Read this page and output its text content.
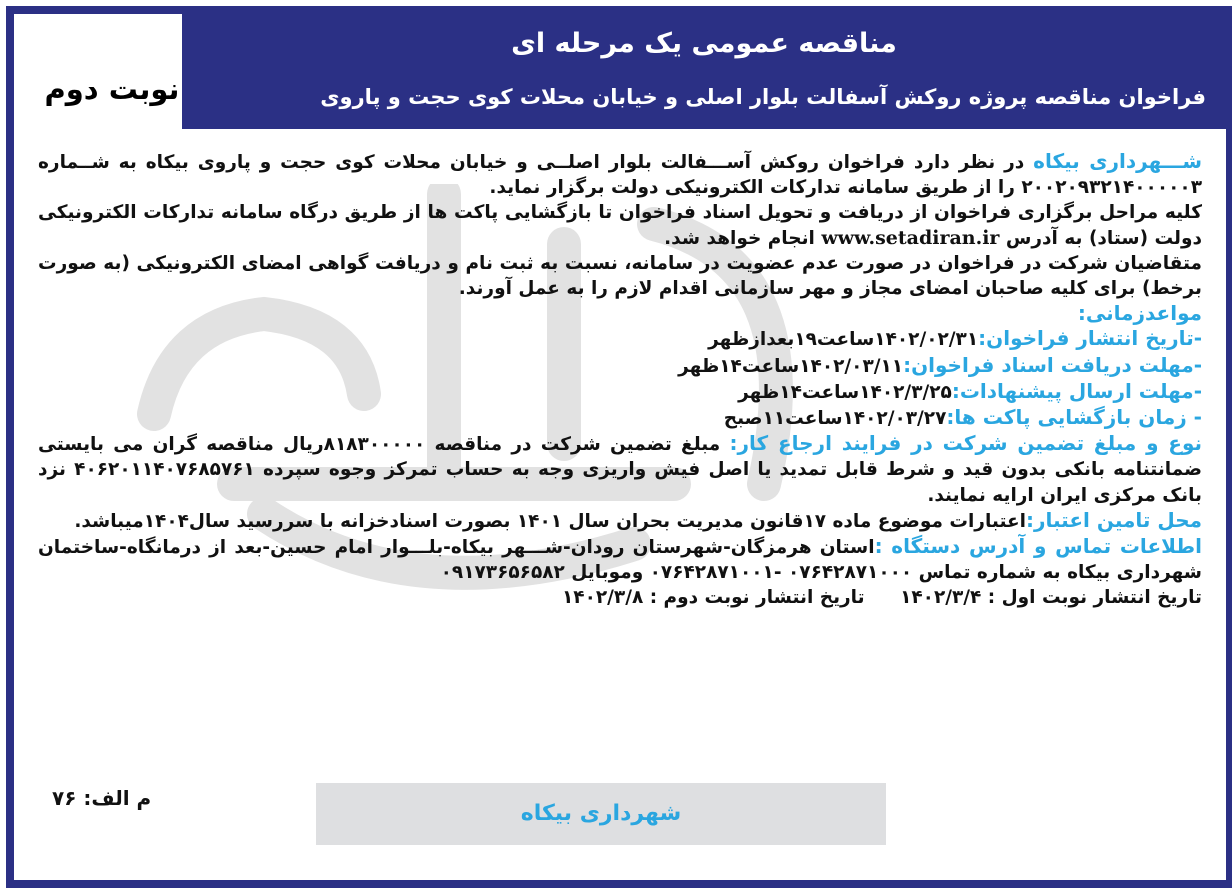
مناقصه عمومی یک مرحله ای
فراخوان مناقصه پروژه روکش آسفالت بلوار اصلی و خیابان محلات کوی حجت و پاروی
نوبت دوم

شـــهرداری بیکاه در نظر دارد فراخوان روکش آســـفالت بلوار اصلــی و خیابان محلات کوی حجت و پاروی بیکاه به شــماره ۲۰۰۲۰۹۳۲۱۴۰۰۰۰۰۳ را از طریق سامانه تدارکات الکترونیکی دولت برگزار نماید.

کلیه مراحل برگزاری فراخوان از دریافت و تحویل اسناد فراخوان تا بازگشایی پاکت ها از طریق درگاه سامانه تدارکات الکترونیکی دولت (ستاد) به آدرس www.setadiran.ir انجام خواهد شد.

متقاضیان شرکت در فراخوان در صورت عدم عضویت در سامانه، نسبت به ثبت نام و دریافت گواهی امضای الکترونیکی (به صورت برخط) برای کلیه صاحبان امضای مجاز و مهر سازمانی اقدام لازم را به عمل آورند.

مواعدزمانی:

-تاریخ انتشار فراخوان:۱۴۰۲/۰۲/۳۱ساعت۱۹بعدازظهر

-مهلت دریافت اسناد فراخوان:۱۴۰۲/۰۳/۱۱ساعت۱۴ظهر

-مهلت ارسال پیشنهادات:۱۴۰۲/۳/۲۵ساعت۱۴ظهر

- زمان بازگشایی پاکت ها:۱۴۰۲/۰۳/۲۷ساعت۱۱صبح

نوع و مبلغ تضمین شرکت در فرایند ارجاع کار: مبلغ تضمین شرکت در مناقصه ۸۱۸۳۰۰۰۰۰ریال مناقصه گران می بایستی ضمانتنامه بانکی بدون قید و شرط قابل تمدید یا اصل فیش واریزی وجه به حساب تمرکز وجوه سپرده ۴۰۶۲۰۱۱۴۰۷۶۸۵۷۶۱ نزد بانک مرکزی ایران ارایه نمایند.

محل تامین اعتبار:اعتبارات موضوع ماده ۱۷قانون مدیریت بحران سال ۱۴۰۱ بصورت اسنادخزانه با سررسید سال۱۴۰۴میباشد.

اطلاعات تماس و آدرس دستگاه :استان هرمزگان-شهرستان رودان-شـــهر بیکاه-بلـــوار امام حسین-بعد از درمانگاه-ساختمان شهرداری بیکاه به شماره تماس ۰۷۶۴۲۸۷۱۰۰۰ -۰۷۶۴۲۸۷۱۰۰۱ وموبایل ۰۹۱۷۳۶۵۶۵۸۲

تاریخ انتشار نوبت اول : ۱۴۰۲/۳/۴
تاریخ انتشار نوبت دوم : ۱۴۰۲/۳/۸
م الف: ۷۶
شهرداری بیکاه
